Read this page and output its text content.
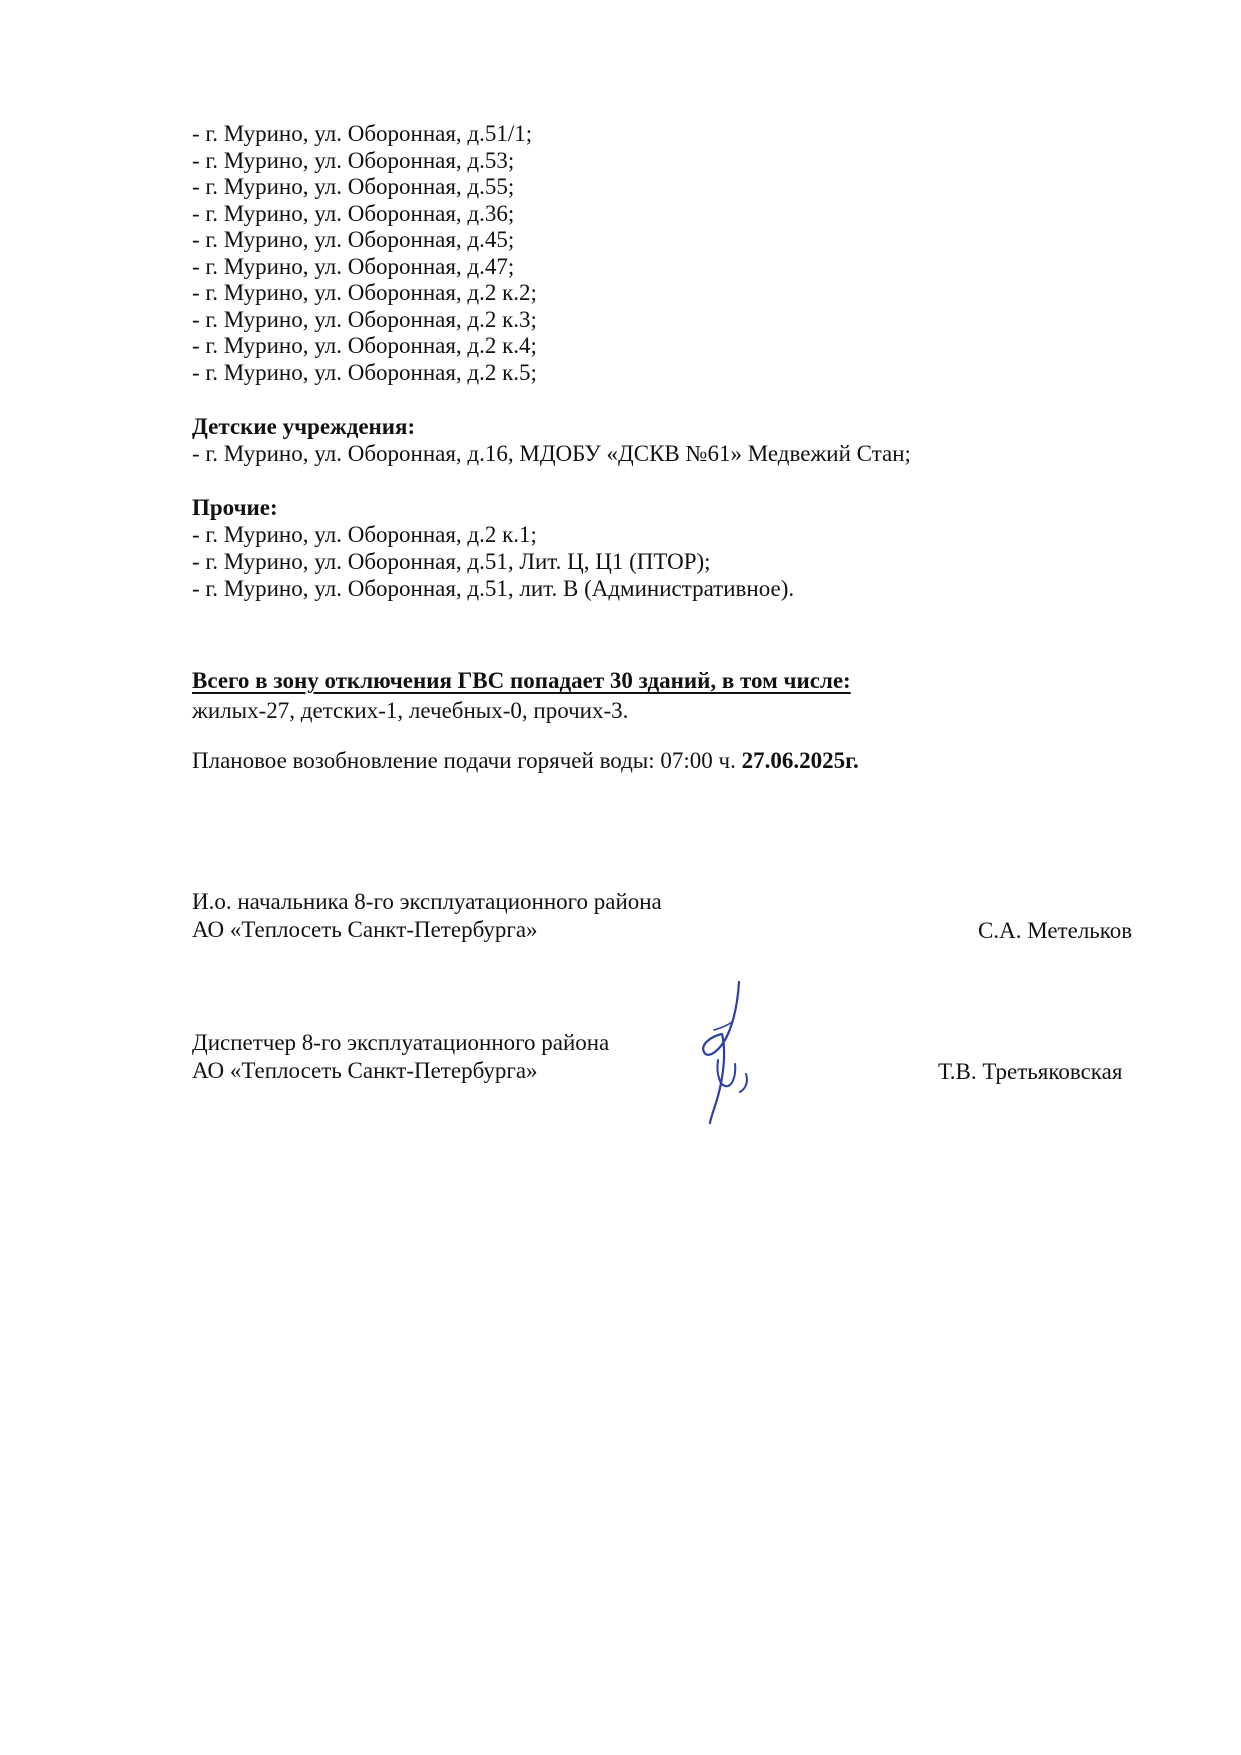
- г. Мурино, ул. Оборонная, д.51/1;
- г. Мурино, ул. Оборонная, д.53;
- г. Мурино, ул. Оборонная, д.55;
- г. Мурино, ул. Оборонная, д.36;
- г. Мурино, ул. Оборонная, д.45;
- г. Мурино, ул. Оборонная, д.47;
- г. Мурино, ул. Оборонная, д.2 к.2;
- г. Мурино, ул. Оборонная, д.2 к.3;
- г. Мурино, ул. Оборонная, д.2 к.4;
- г. Мурино, ул. Оборонная, д.2 к.5;
Детские учреждения:
- г. Мурино, ул. Оборонная, д.16, МДОБУ «ДСКВ №61» Медвежий Стан;
Прочие:
- г. Мурино, ул. Оборонная, д.2 к.1;
- г. Мурино, ул. Оборонная, д.51, Лит. Ц, Ц1 (ПТОР);
- г. Мурино, ул. Оборонная, д.51, лит. В (Административное).
Всего в зону отключения ГВС попадает 30 зданий, в том числе:
жилых-27, детских-1, лечебных-0, прочих-3.
Плановое возобновление подачи горячей воды: 07:00 ч. 27.06.2025г.
И.о. начальника 8-го эксплуатационного района
АО «Теплосеть Санкт-Петербурга»	С.А. Метельков
Диспетчер 8-го эксплуатационного района
АО «Теплосеть Санкт-Петербурга»	Т.В. Третьяковская
